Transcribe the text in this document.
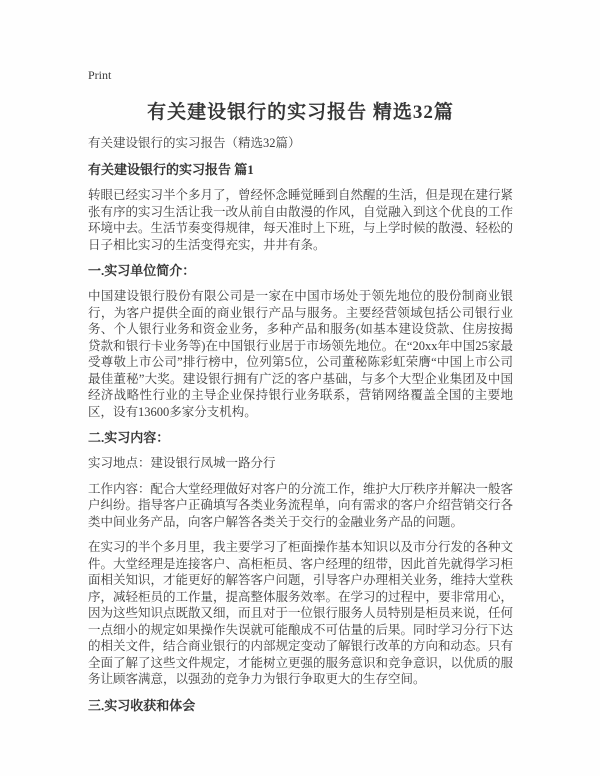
Print
有关建设银行的实习报告 精选32篇

有关建设银行的实习报告（精选32篇）

有关建设银行的实习报告 篇1

转眼已经实习半个多月了，曾经怀念睡觉睡到自然醒的生活，但是现在建行紧张有序的实习生活让我一改从前自由散漫的作风，自觉融入到这个优良的工作环境中去。生活节奏变得规律，每天准时上下班，与上学时候的散漫、轻松的日子相比实习的生活变得充实，井井有条。

一.实习单位简介：

中国建设银行股份有限公司是一家在中国市场处于领先地位的股份制商业银行，为客户提供全面的商业银行产品与服务。主要经营领域包括公司银行业务、个人银行业务和资金业务，多种产品和服务(如基本建设贷款、住房按揭贷款和银行卡业务等)在中国银行业居于市场领先地位。在“20xx年中国25家最受尊敬上市公司”排行榜中，位列第5位，公司董秘陈彩虹荣膺“中国上市公司最佳董秘”大奖。建设银行拥有广泛的客户基础，与多个大型企业集团及中国经济战略性行业的主导企业保持银行业务联系，营销网络覆盖全国的主要地区，设有13600多家分支机构。

二.实习内容：

实习地点：建设银行凤城一路分行

工作内容：配合大堂经理做好对客户的分流工作，维护大厅秩序并解决一般客户纠纷。指导客户正确填写各类业务流程单，向有需求的客户介绍营销交行各类中间业务产品，向客户解答各类关于交行的金融业务产品的问题。

在实习的半个多月里，我主要学习了柜面操作基本知识以及市分行发的各种文件。大堂经理是连接客户、高柜柜员、客户经理的纽带，因此首先就得学习柜面相关知识，才能更好的解答客户问题，引导客户办理相关业务，维持大堂秩序，减轻柜员的工作量，提高整体服务效率。在学习的过程中，要非常用心，因为这些知识点既散又细，而且对于一位银行服务人员特别是柜员来说，任何一点细小的规定如果操作失误就可能酿成不可估量的后果。同时学习分行下达的相关文件，结合商业银行的内部规定变动了解银行改革的方向和动态。只有全面了解了这些文件规定，才能树立更强的服务意识和竞争意识，以优质的服务让顾客满意，以强劲的竞争力为银行争取更大的生存空间。

三.实习收获和体会
